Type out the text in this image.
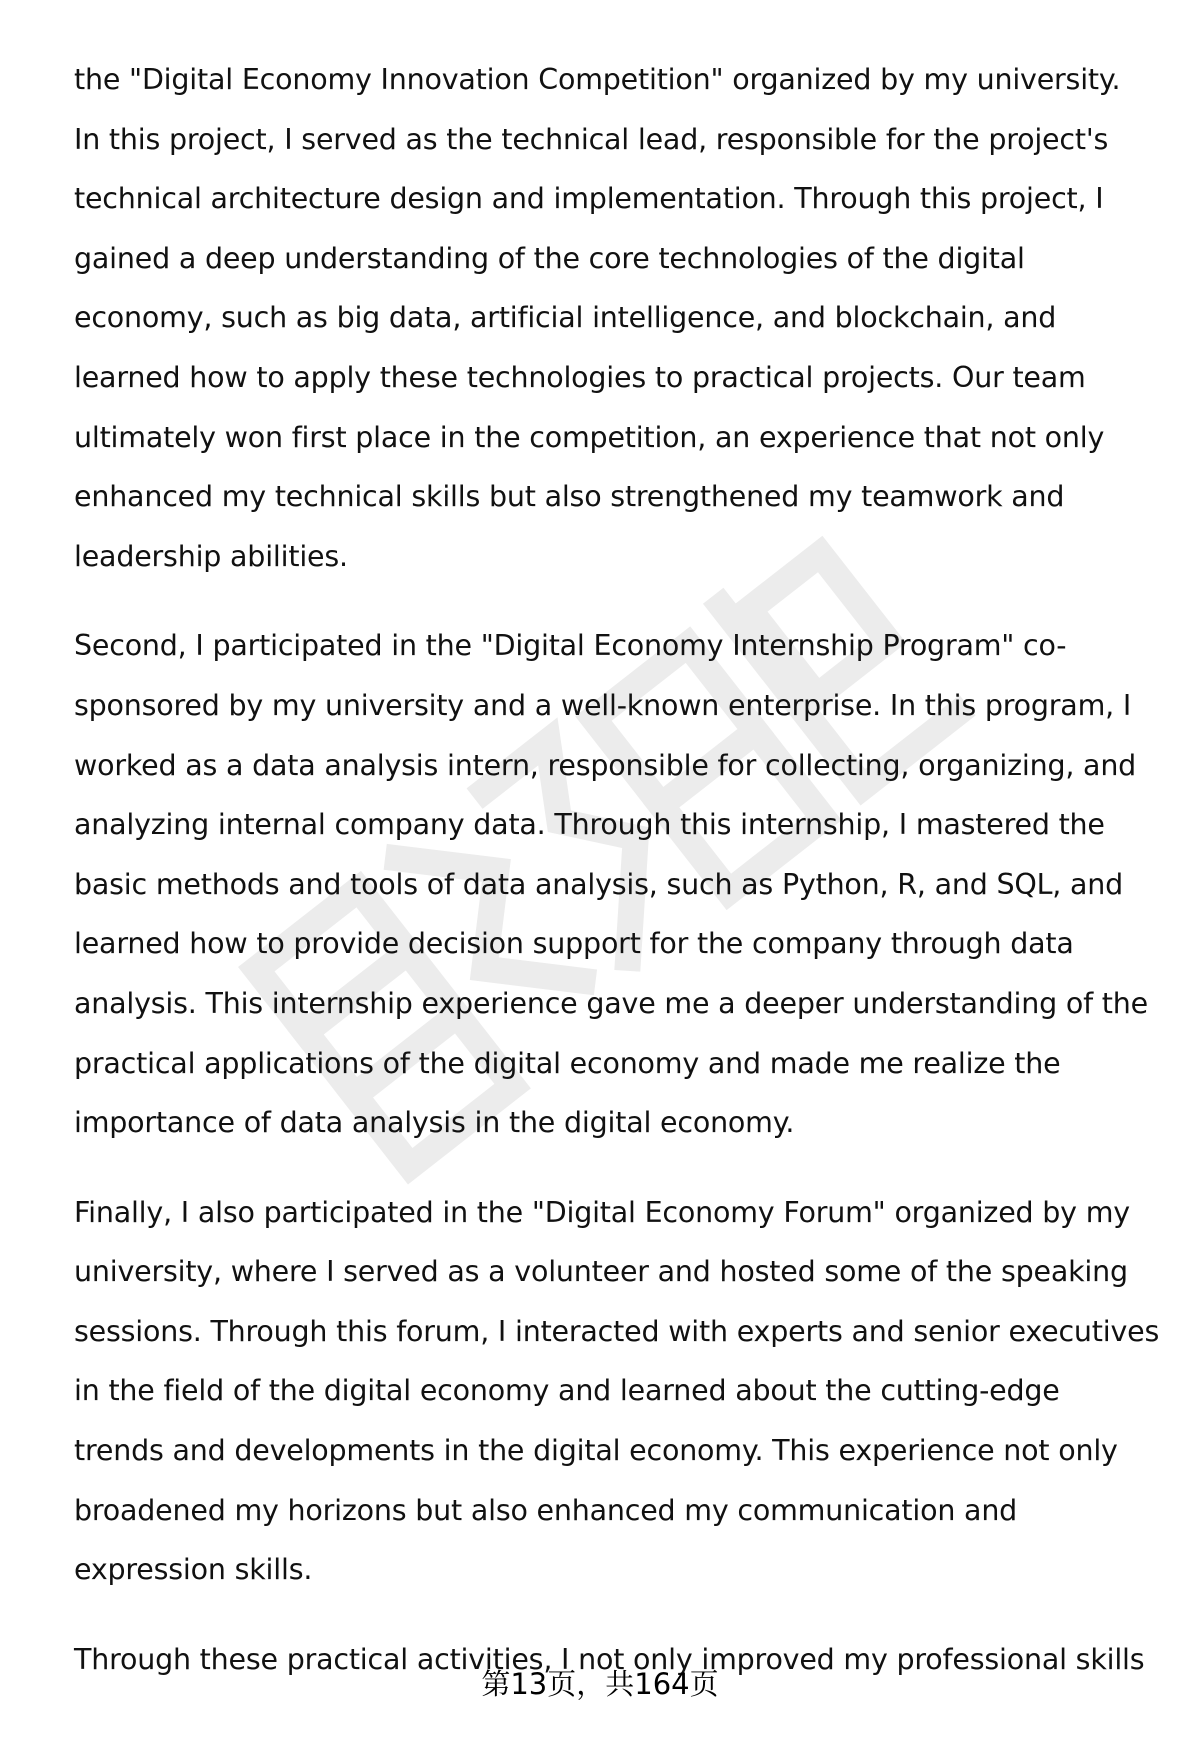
the "Digital Economy Innovation Competition" organized by my university.
In this project, I served as the technical lead, responsible for the project's
technical architecture design and implementation. Through this project, I
gained a deep understanding of the core technologies of the digital
economy, such as big data, artificial intelligence, and blockchain, and
learned how to apply these technologies to practical projects. Our team
ultimately won first place in the competition, an experience that not only
enhanced my technical skills but also strengthened my teamwork and
leadership abilities.
Second, I participated in the "Digital Economy Internship Program" co-
sponsored by my university and a well-known enterprise. In this program, I
worked as a data analysis intern, responsible for collecting, organizing, and
analyzing internal company data. Through this internship, I mastered the
basic methods and tools of data analysis, such as Python, R, and SQL, and
learned how to provide decision support for the company through data
analysis. This internship experience gave me a deeper understanding of the
practical applications of the digital economy and made me realize the
importance of data analysis in the digital economy.
Finally, I also participated in the "Digital Economy Forum" organized by my
university, where I served as a volunteer and hosted some of the speaking
sessions. Through this forum, I interacted with experts and senior executives
in the field of the digital economy and learned about the cutting-edge
trends and developments in the digital economy. This experience not only
broadened my horizons but also enhanced my communication and
expression skills.
Through these practical activities, I not only improved my professional skills
第13页，共164页
